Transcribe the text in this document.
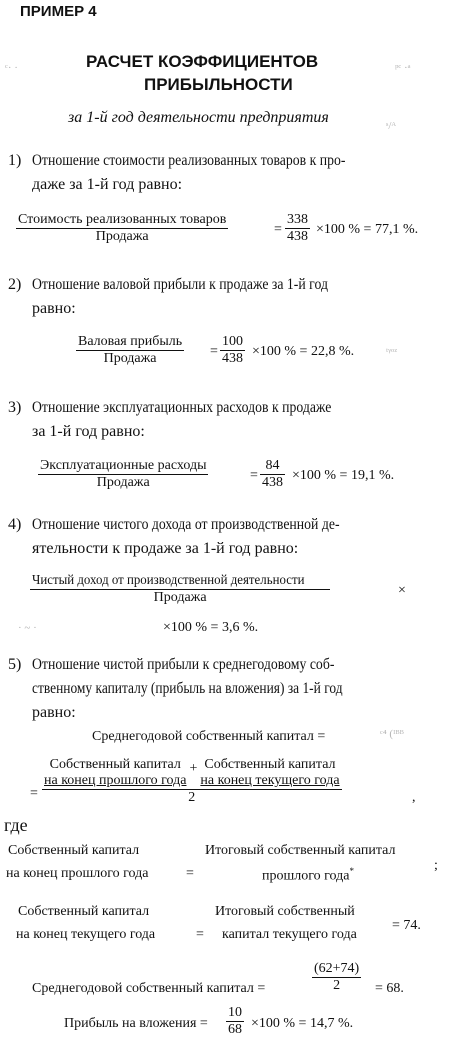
ПРИМЕР 4
РАСЧЕТ КОЭФФИЦИЕНТОВ
ПРИБЫЛЬНОСТИ
за 1-й год деятельности предприятия
ᶜ· ·	ᵖᶜ ·ᵃ
ˢ/ᴬ
1) Отношение стоимости реализованных товаров к про-
даже за 1-й год равно:
Стоимость реализованных товаров
Продажа	=
338
438 ×100 % = 77,1 %.
2) Отношение валовой прибыли к продаже за 1-й год
равно:
Валовая прибыль
Продажа	=
100
438 ×100 % = 22,8 %.	ᵗᵞᵒᶻ
3) Отношение эксплуатационных расходов к продаже
за 1-й год равно:
Эксплуатационные расходы
Продажа	=
84
438 ×100 % = 19,1 %.
4) Отношение чистого дохода от производственной де-
ятельности к продаже за 1-й год равно:
Чистый доход от производственной деятельности
Продажа	×
×100 % = 3,6 %.
· ~ ·
5) Отношение чистой прибыли к среднегодовому соб-
ственному капиталу (прибыль на вложения) за 1-й год
равно:
Среднегодовой собственный капитал =	ᶜ⁴ (ᴵᴮᴮ
=
Собственный капитал
на конец прошлого года
+ Собственный капитал
на конец текущего года
2	,
где
Собственный капитал
на конец прошлого года	=
Итоговый собственный капитал
прошлого года*	;
Собственный капитал
на конец текущего года	=
Итоговый собственный
капитал текущего года
= 74.
Среднегодовой собственный капитал =
(62+74)
2 = 68.
Прибыль на вложения =
10
68 ×100 % = 14,7 %.
